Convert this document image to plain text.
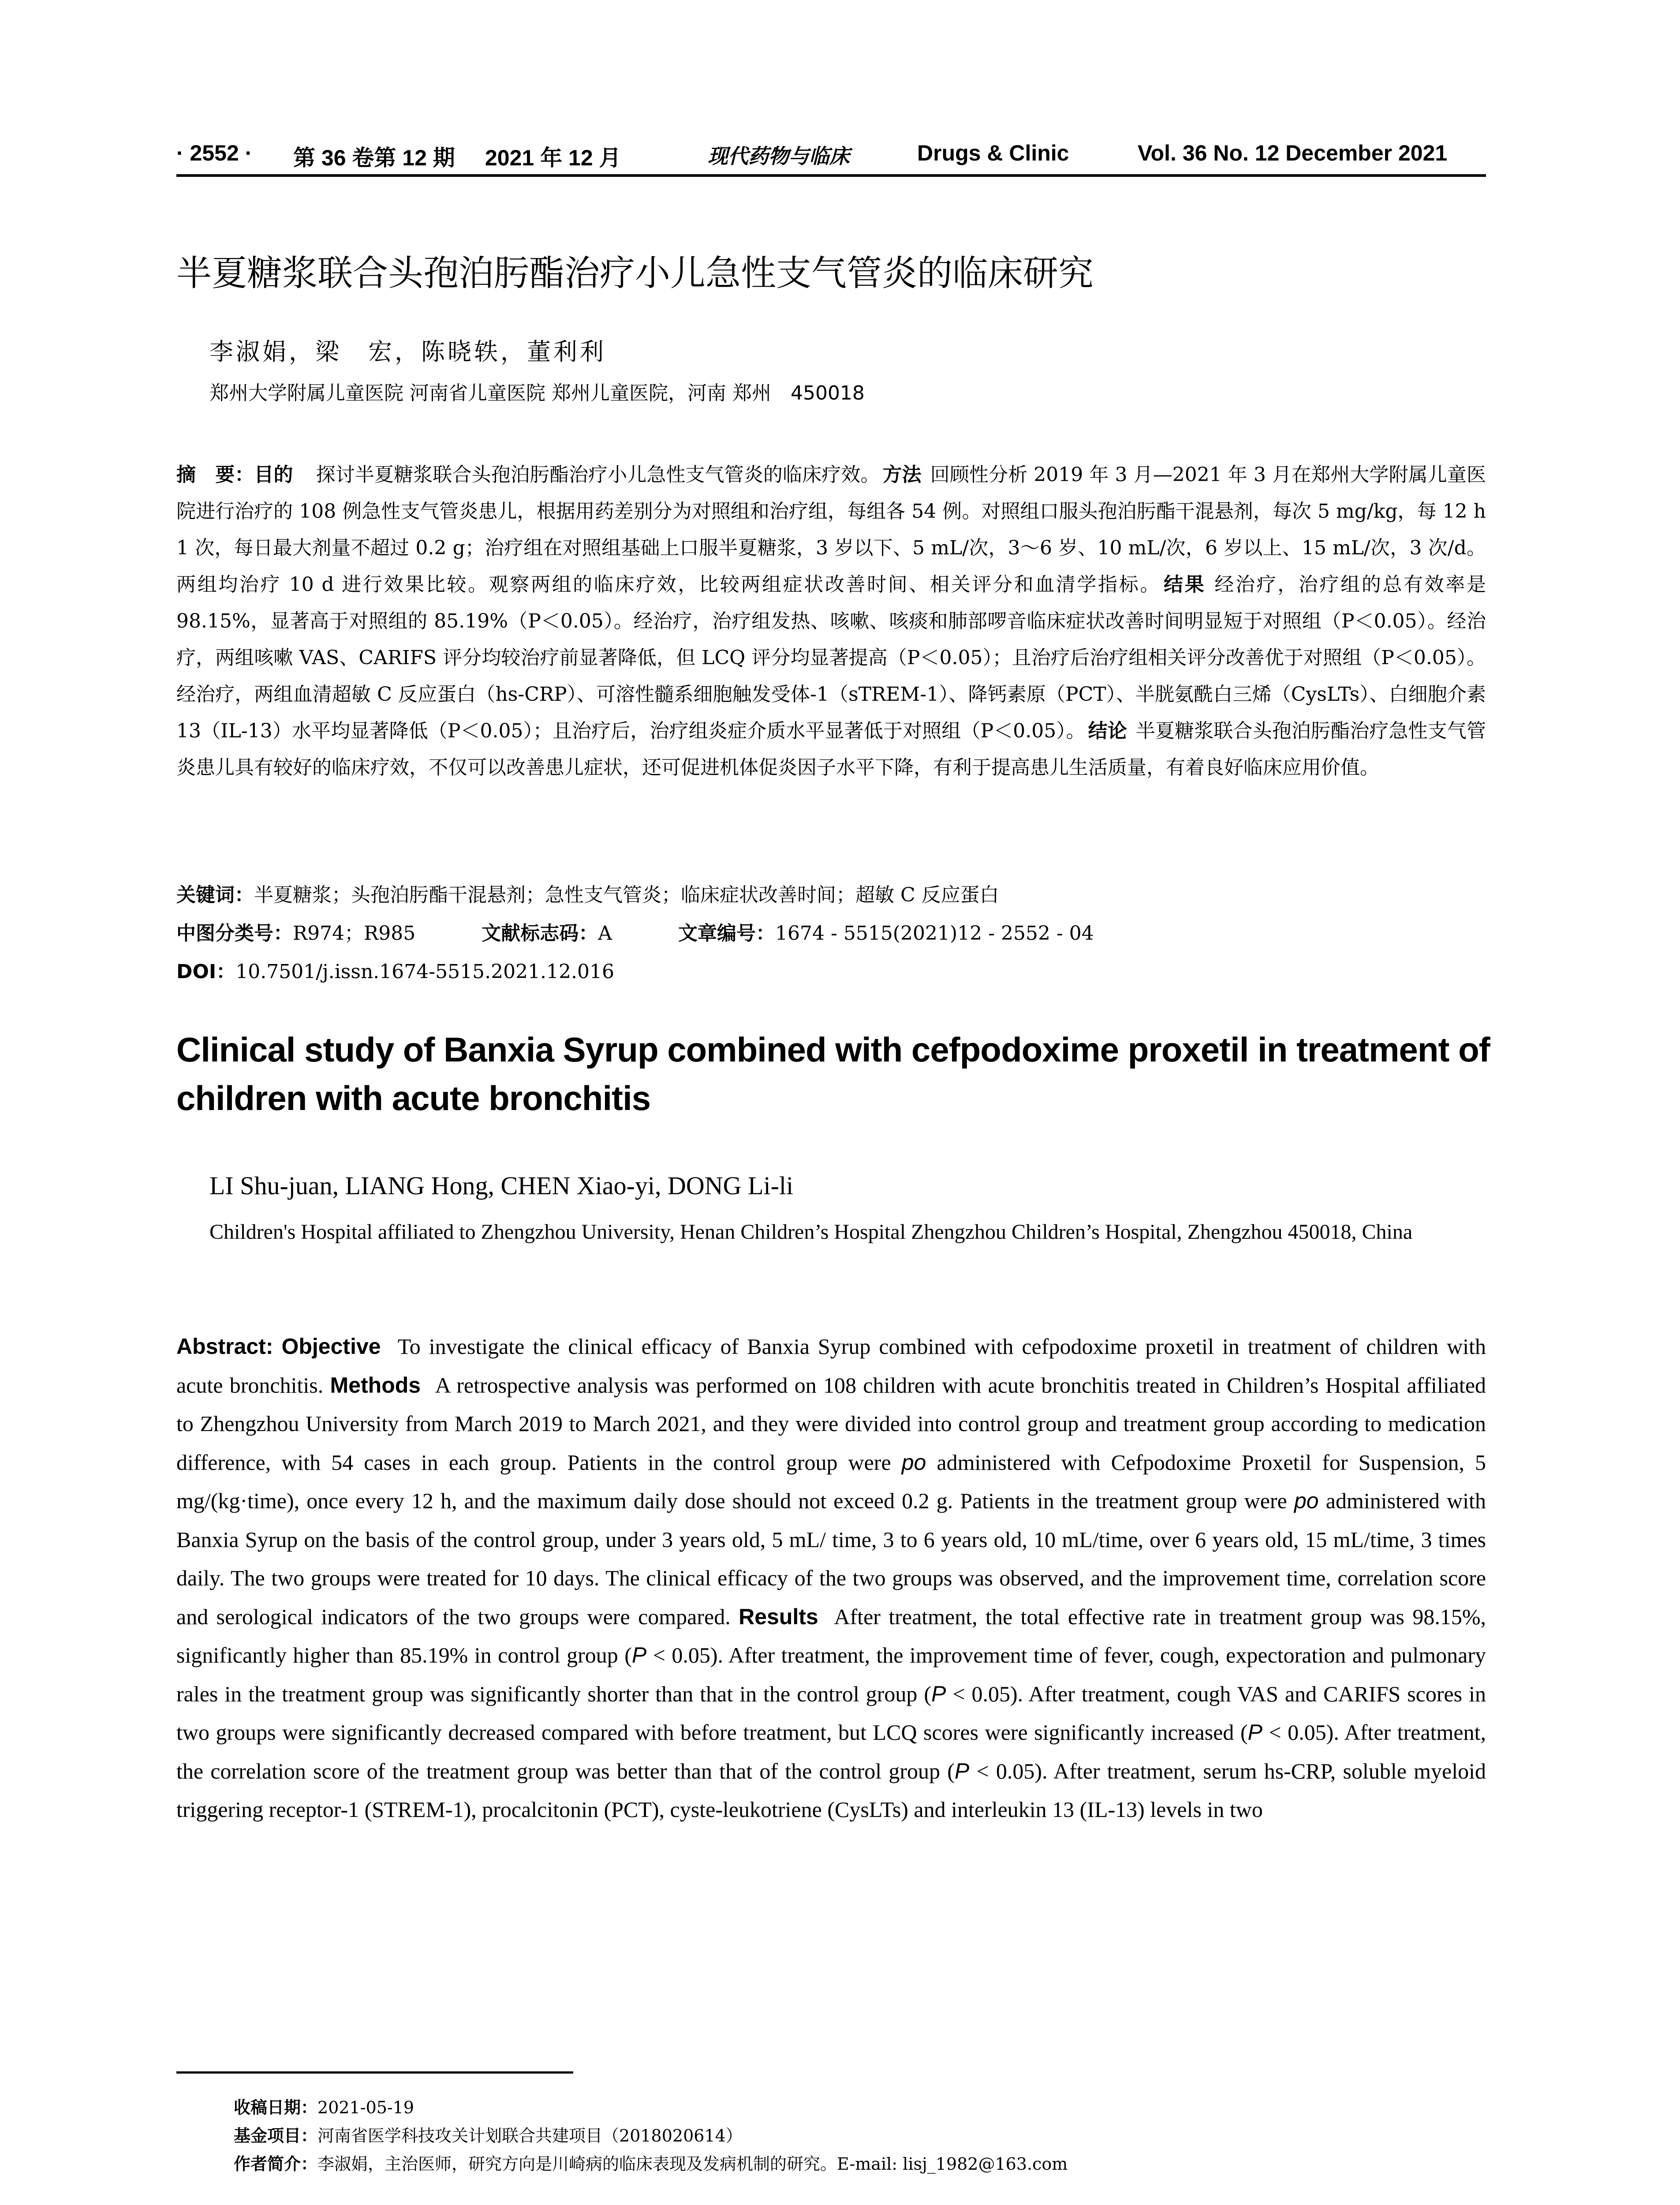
· 2552 · 第 36 卷第 12 期 2021 年 12 月	现代药物与临床	Drugs & Clinic	Vol. 36 No. 12 December 2021
半夏糖浆联合头孢泊肟酯治疗小儿急性支气管炎的临床研究
李淑娟，梁　宏，陈晓轶，董利利
郑州大学附属儿童医院 河南省儿童医院 郑州儿童医院，河南 郑州　450018

摘　要：目的 探讨半夏糖浆联合头孢泊肟酯治疗小儿急性支气管炎的临床疗效。 方法 回顾性分析 2019 年 3 月—2021 年 3 月在郑州大学附属儿童医院进行治疗的 108 例急性支气管炎患儿，根据用药差别分为对照组和治疗组，每组各 54 例。对照组口服头孢泊肟酯干混悬剂，每次 5 mg/kg，每 12 h 1 次，每日最大剂量不超过 0.2 g；治疗组在对照组基础上口服半夏糖浆，3 岁以下、5 mL/次，3～6 岁、10 mL/次，6 岁以上、15 mL/次，3 次/d。两组均治疗 10 d 进行效果比较。观察两组的临床疗效，比较两组症状改善时间、相关评分和血清学指标。 结果 经治疗，治疗组的总有效率是 98.15%，显著高于对照组的 85.19%（P＜0.05）。经治疗，治疗组发热、咳嗽、咳痰和肺部啰音临床症状改善时间明显短于对照组（P＜0.05）。经治疗，两组咳嗽 VAS、CARIFS 评分均较治疗前显著降低，但 LCQ 评分均显著提高（P＜0.05）；且治疗后治疗组相关评分改善优于对照组（P＜0.05）。经治疗，两组血清超敏 C 反应蛋白（hs-CRP）、可溶性髓系细胞触发受体-1（sTREM-1）、降钙素原（PCT）、半胱氨酰白三烯（CysLTs）、白细胞介素 13（IL-13）水平均显著降低（P＜0.05）；且治疗后，治疗组炎症介质水平显著低于对照组（P＜0.05）。 结论 半夏糖浆联合头孢泊肟酯治疗急性支气管炎患儿具有较好的临床疗效，不仅可以改善患儿症状，还可促进机体促炎因子水平下降，有利于提高患儿生活质量，有着良好临床应用价值。

关键词：半夏糖浆；头孢泊肟酯干混悬剂；急性支气管炎；临床症状改善时间；超敏 C 反应蛋白
中图分类号：R974；R985	文献标志码：A	文章编号：1674 - 5515(2021)12 - 2552 - 04
DOI：10.7501/j.issn.1674-5515.2021.12.016
Clinical study of Banxia Syrup combined with cefpodoxime proxetil in treatment of children with acute bronchitis
LI Shu-juan, LIANG Hong, CHEN Xiao-yi, DONG Li-li

Children's Hospital affiliated to Zhengzhou University, Henan Children’s Hospital Zhengzhou Children’s Hospital, Zhengzhou 450018, China

Abstract: Objective To investigate the clinical efficacy of Banxia Syrup combined with cefpodoxime proxetil in treatment of children with acute bronchitis. Methods A retrospective analysis was performed on 108 children with acute bronchitis treated in Children’s Hospital affiliated to Zhengzhou University from March 2019 to March 2021, and they were divided into control group and treatment group according to medication difference, with 54 cases in each group. Patients in the control group were po administered with Cefpodoxime Proxetil for Suspension, 5 mg/(kg·time), once every 12 h, and the maximum daily dose should not exceed 0.2 g. Patients in the treatment group were po administered with Banxia Syrup on the basis of the control group, under 3 years old, 5 mL/ time, 3 to 6 years old, 10 mL/time, over 6 years old, 15 mL/time, 3 times daily. The two groups were treated for 10 days. The clinical efficacy of the two groups was observed, and the improvement time, correlation score and serological indicators of the two groups were compared. Results After treatment, the total effective rate in treatment group was 98.15%, significantly higher than 85.19% in control group (P < 0.05). After treatment, the improvement time of fever, cough, expectoration and pulmonary rales in the treatment group was significantly shorter than that in the control group (P < 0.05). After treatment, cough VAS and CARIFS scores in two groups were significantly decreased compared with before treatment, but LCQ scores were significantly increased (P < 0.05). After treatment, the correlation score of the treatment group was better than that of the control group (P < 0.05). After treatment, serum hs-CRP, soluble myeloid triggering receptor-1 (STREM-1), procalcitonin (PCT), cyste-leukotriene (CysLTs) and interleukin 13 (IL-13) levels in two

收稿日期：2021-05-19
基金项目：河南省医学科技攻关计划联合共建项目（2018020614）
作者简介：李淑娟，主治医师，研究方向是川崎病的临床表现及发病机制的研究。E-mail: lisj_1982@163.com
